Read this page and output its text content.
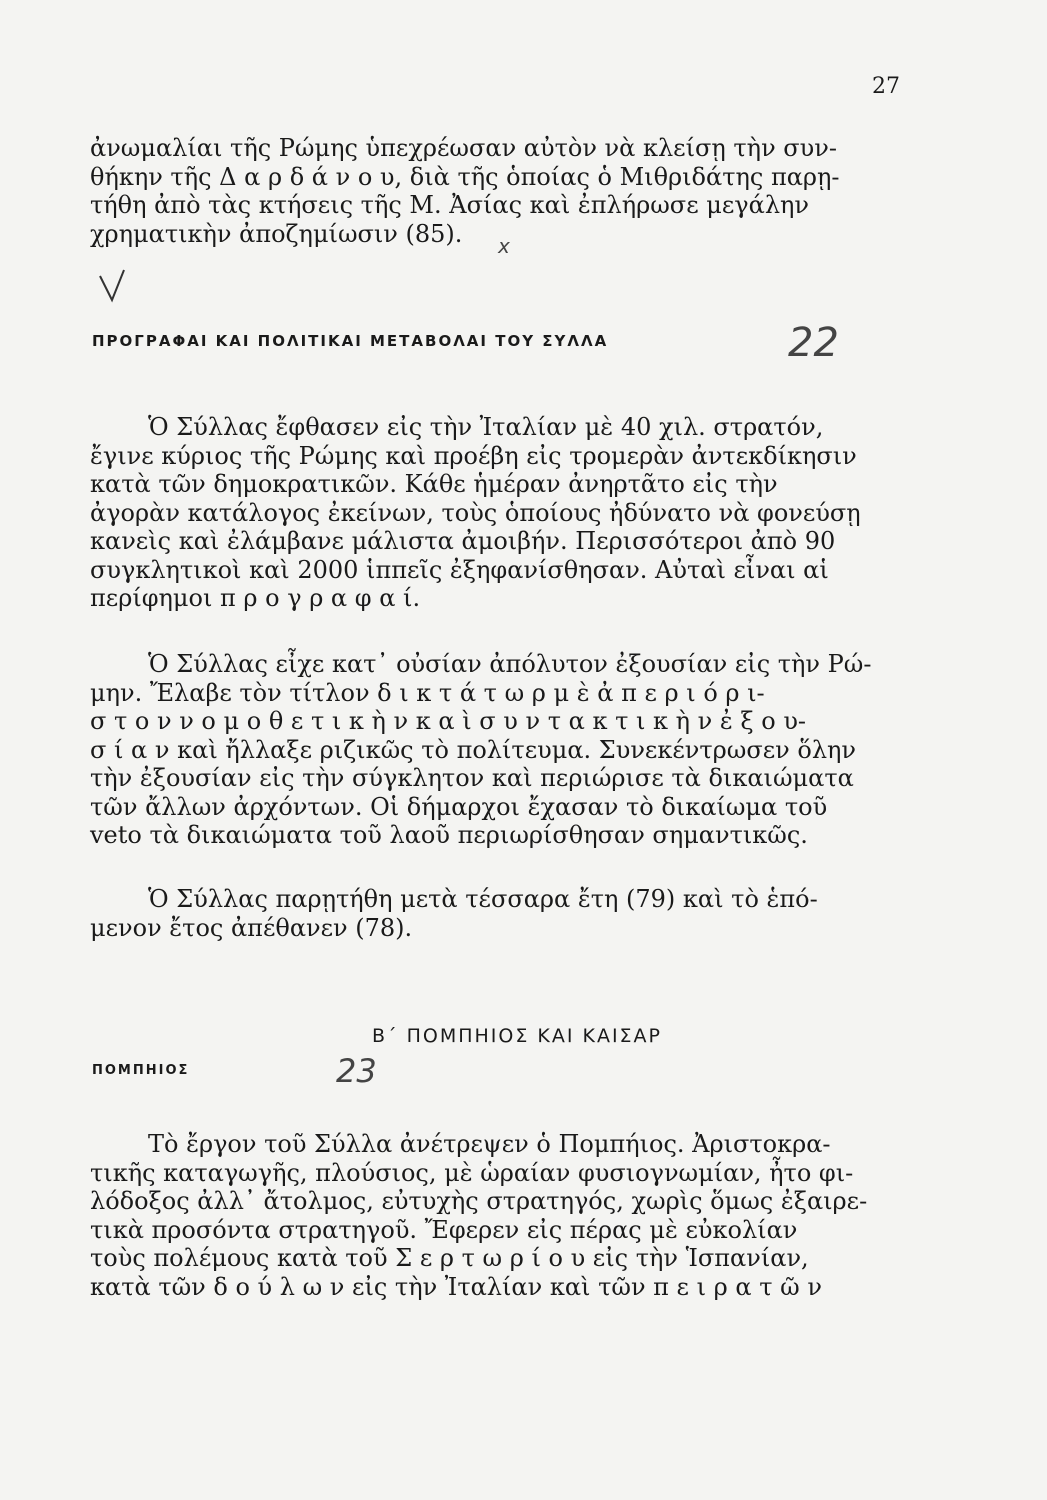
27
ἀνωμαλίαι τῆς Ρώμης ὑπεχρέωσαν αὐτὸν νὰ κλείσῃ τὴν συν-
θήκην τῆς Δ α ρ δ ά ν ο υ, διὰ τῆς ὁποίας ὁ Μιθριδάτης παρῃ-
τήθη ἀπὸ τὰς κτήσεις τῆς Μ. Ἀσίας καὶ ἐπλήρωσε μεγάλην
χρηματικὴν ἀποζημίωσιν (85).	x
ΠΡΟΓΡΑΦΑΙ ΚΑΙ ΠΟΛΙΤΙΚΑΙ ΜΕΤΑΒΟΛΑΙ ΤΟΥ ΣΥΛΛΑ	22
Ὁ Σύλλας ἔφθασεν εἰς τὴν Ἰταλίαν μὲ 40 χιλ. στρατόν,
ἔγινε κύριος τῆς Ρώμης καὶ προέβη εἰς τρομερὰν ἀντεκδίκησιν
κατὰ τῶν δημοκρατικῶν. Κάθε ἡμέραν ἀνηρτᾶτο εἰς τὴν
ἀγορὰν κατάλογος ἐκείνων, τοὺς ὁποίους ἠδύνατο νὰ φονεύσῃ
κανεὶς καὶ ἐλάμβανε μάλιστα ἀμοιβήν. Περισσότεροι ἀπὸ 90
συγκλητικοὶ καὶ 2000 ἱππεῖς ἐξηφανίσθησαν. Αὐταὶ εἶναι αἱ
περίφημοι π ρ ο γ ρ α φ α ί.
Ὁ Σύλλας εἶχε κατ᾽ οὐσίαν ἀπόλυτον ἐξουσίαν εἰς τὴν Ρώ-
μην. Ἔλαβε τὸν τίτλον δ ι κ τ ά τ ω ρ μ ὲ ἀ π ε ρ ι ό ρ ι-
σ τ ο ν ν ο μ ο θ ε τ ι κ ὴ ν κ α ὶ σ υ ν τ α κ τ ι κ ὴ ν ἐ ξ ο υ-
σ ί α ν καὶ ἤλλαξε ριζικῶς τὸ πολίτευμα. Συνεκέντρωσεν ὅλην
τὴν ἐξουσίαν εἰς τὴν σύγκλητον καὶ περιώρισε τὰ δικαιώματα
τῶν ἄλλων ἀρχόντων. Οἱ δήμαρχοι ἔχασαν τὸ δικαίωμα τοῦ
veto τὰ δικαιώματα τοῦ λαοῦ περιωρίσθησαν σημαντικῶς.
Ὁ Σύλλας παρῃτήθη μετὰ τέσσαρα ἔτη (79) καὶ τὸ ἑπό-
μενον ἔτος ἀπέθανεν (78).
Β΄ ΠΟΜΠΗΙΟΣ ΚΑΙ ΚΑΙΣΑΡ
ΠΟΜΠΗΙΟΣ	23
Τὸ ἔργον τοῦ Σύλλα ἀνέτρεψεν ὁ Πομπήιος. Ἀριστοκρα-
τικῆς καταγωγῆς, πλούσιος, μὲ ὡραίαν φυσιογνωμίαν, ἦτο φι-
λόδοξος ἀλλ᾽ ἄτολμος, εὐτυχὴς στρατηγός, χωρὶς ὅμως ἐξαιρε-
τικὰ προσόντα στρατηγοῦ. Ἔφερεν εἰς πέρας μὲ εὐκολίαν
τοὺς πολέμους κατὰ τοῦ Σ ε ρ τ ω ρ ί ο υ εἰς τὴν Ἱσπανίαν,
κατὰ τῶν δ ο ύ λ ω ν εἰς τὴν Ἰταλίαν καὶ τῶν π ε ι ρ α τ ῶ ν
